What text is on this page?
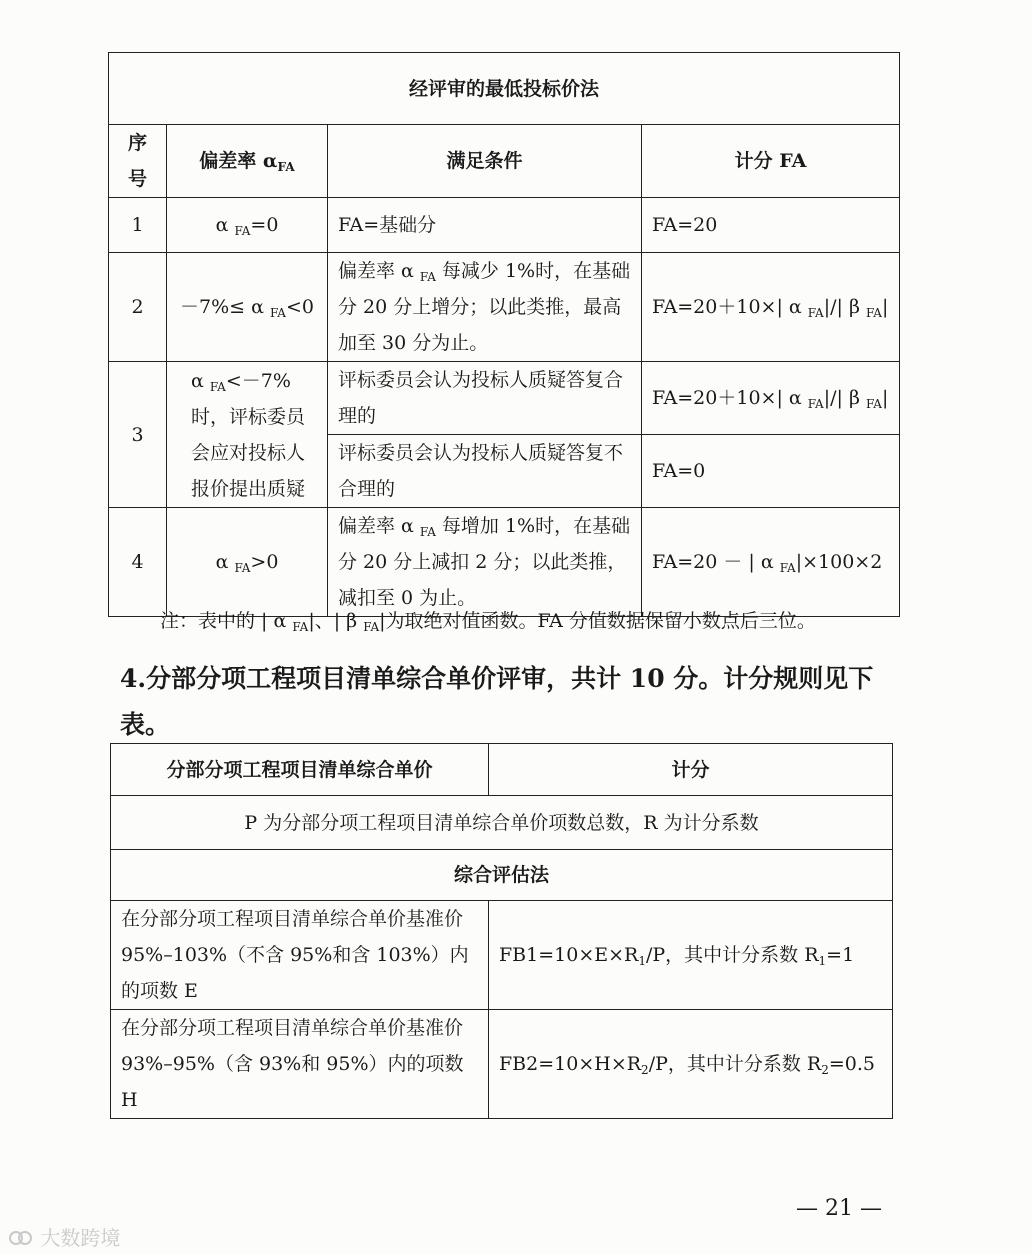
经评审的最低投标价法			
序号	偏差率 $\alpha_{FA}$	满足条件	计分 FA
1	α $_{FA}$=0	FA=基础分	FA=20
2	－7%≤ α $_{FA}$<0	偏差率 α $_{FA}$ 每减少 1%时，在基础分 20 分上增分；以此类推，最高加至 30 分为止。	FA=20＋10×| α $_{FA}$|/| β $_{FA}$|
3	α $_{FA}$<－7%时，评标委员会应对投标人报价提出质疑	评标委员会认为投标人质疑答复合理的	FA=20＋10×| α $_{FA}$|/| β $_{FA}$|
		评标委员会认为投标人质疑答复不合理的	FA=0
4	α $_{FA}$>0	偏差率 α $_{FA}$ 每增加 1%时，在基础分 20 分上减扣 2 分；以此类推，减扣至 0 为止。	FA=20 － | α $_{FA}$|×100×2
注：表中的 | α $_{FA}$|、| β $_{FA}$|为取绝对值函数。FA 分值数据保留小数点后三位。
4.分部分项工程项目清单综合单价评审，共计 10 分。计分规则见下表。
分部分项工程项目清单综合单价	计分
P 为分部分项工程项目清单综合单价项数总数，R 为计分系数	
综合评估法	
在分部分项工程项目清单综合单价基准价 95%–103%（不含 95%和含 103%）内的项数 E	$FB1=10\times E\times R_1/P$，其中计分系数 $R_1=1$
在分部分项工程项目清单综合单价基准价 93%–95%（含 93%和 95%）内的项数 H	$FB2=10\times H\times R_2/P$，其中计分系数 $R_2=0.5$
— 21 —
大数跨境
